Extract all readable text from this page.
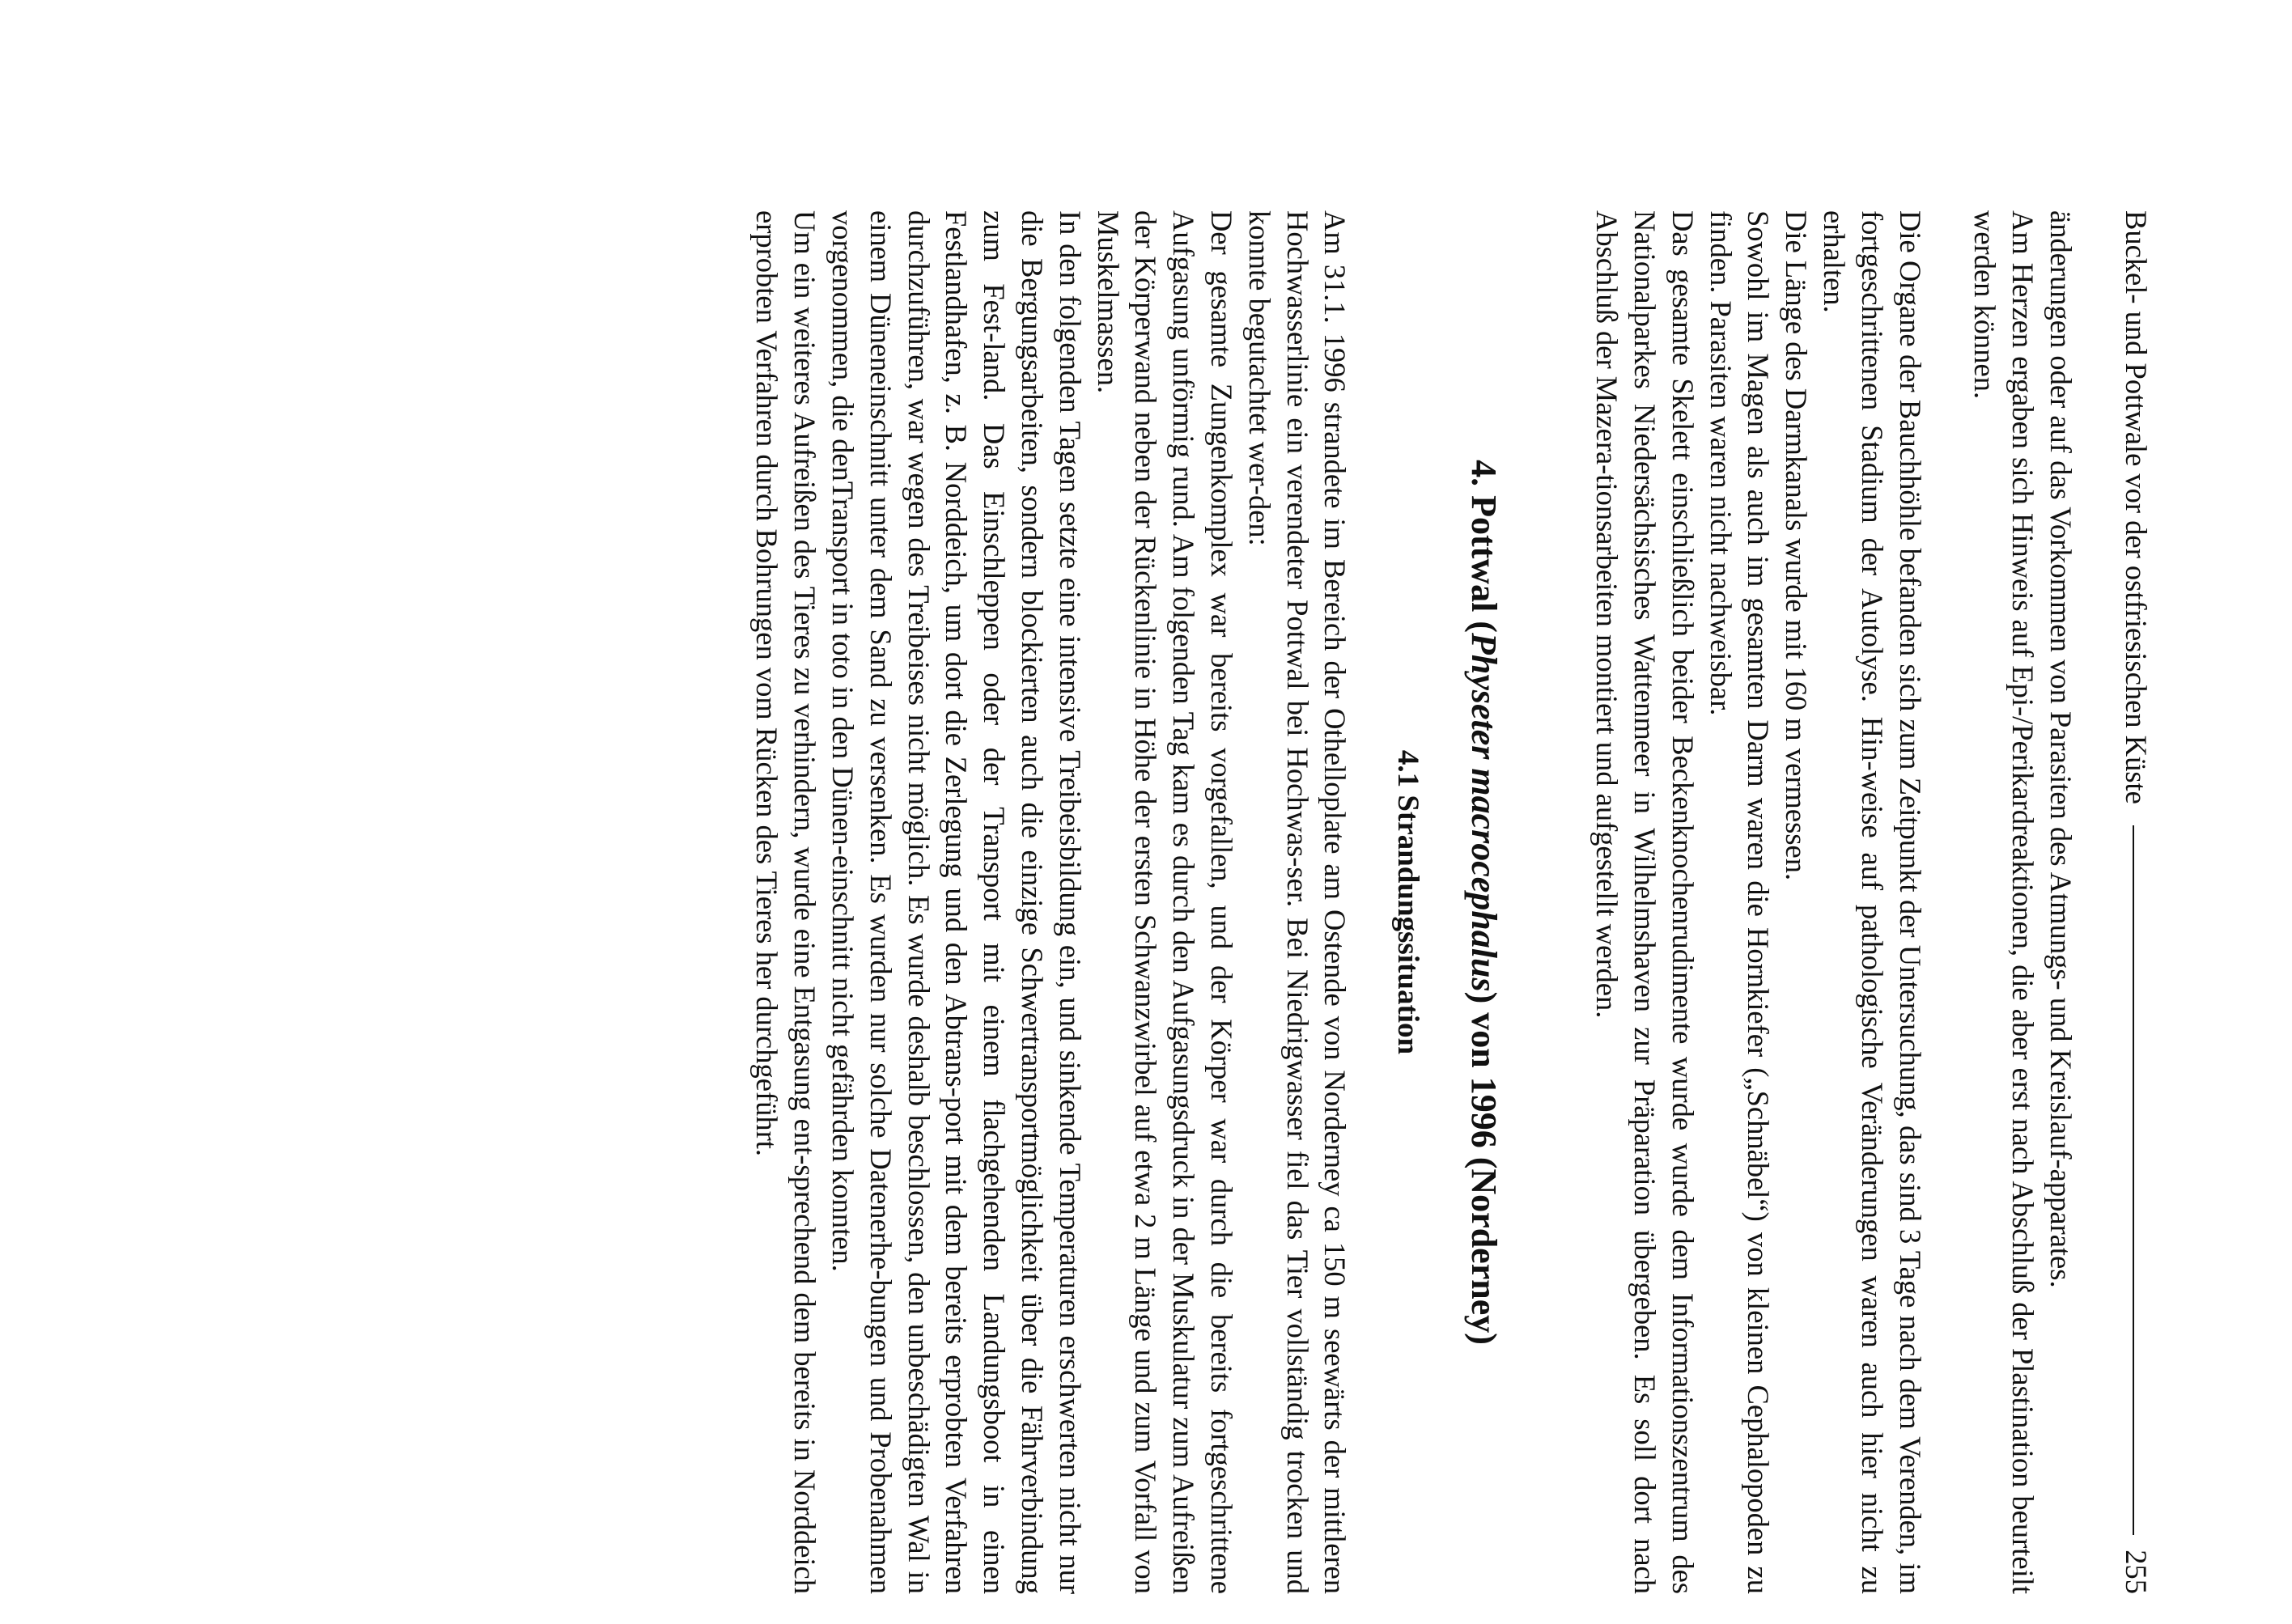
Buckel- und Pottwale vor der ostfriesischen Küste
255

änderungen oder auf das Vorkommen von Parasiten des Atmungs- und Kreislauf-apparates.

Am Herzen ergaben sich Hinweis auf Epi-/Perikardreaktionen, die aber erst nach Abschluß der Plastination beurteilt werden können.

Die Organe der Bauchhöhle befanden sich zum Zeitpunkt der Untersuchung, das sind 3 Tage nach dem Verenden, im fortgeschrittenen Stadium der Autolyse. Hin-weise auf pathologische Veränderungen waren auch hier nicht zu erhalten.

Die Länge des Darmkanals wurde mit 160 m vermessen.

Sowohl im Magen als auch im gesamten Darm waren die Hornkiefer („Schnäbel“) von kleinen Cephalopoden zu finden. Parasiten waren nicht nachweisbar.

Das gesamte Skelett einschließlich beider Beckenknochenrudimente wurde wurde dem Informationszentrum des Nationalparkes Niedersächsisches Wattenmeer in Wilhelmshaven zur Präparation übergeben. Es soll dort nach Abschluß der Mazera-tionsarbeiten montiert und aufgestellt werden.

4. Pottwal (Physeter macrocephalus) von 1996 (Norderney)
4.1 Strandungssituation

Am 31.1. 1996 strandete im Bereich der Othelloplate am Ostende von Norderney ca 150 m seewärts der mittleren Hochwasserlinie ein verendeter Pottwal bei Hochwas-ser. Bei Niedrigwasser fiel das Tier vollständig trocken und konnte begutachtet wer-den:

Der gesamte Zungenkomplex war bereits vorgefallen, und der Körper war durch die bereits fortgeschrittene Aufgasung unförmig rund. Am folgenden Tag kam es durch den Aufgasungsdruck in der Muskulatur zum Aufreißen der Körperwand neben der Rückenlinie in Höhe der ersten Schwanzwirbel auf etwa 2 m Länge und zum Vorfall von Muskelmassen.

In den folgenden Tagen setzte eine intensive Treibeisbildung ein, und sinkende Temperaturen erschwerten nicht nur die Bergungsarbeiten, sondern blockierten auch die einzige Schwertransportmöglichkeit über die Fährverbindung zum Fest-land. Das Einschleppen oder der Transport mit einem flachgehenden Landungsboot in einen Festlandhafen, z. B. Norddeich, um dort die Zerlegung und den Abtrans-port mit dem bereits erprobten Verfahren durchzuführen, war wegen des Treibeises nicht möglich. Es wurde deshalb beschlossen, den unbeschädigten Wal in einem Düneneinschnitt unter dem Sand zu versenken. Es wurden nur solche Datenerhe-bungen und Probenahmen vorgenommen, die denTransport in toto in den Dünen-einschnitt nicht gefährden konnten.

Um ein weiteres Aufreißen des Tieres zu verhindern, wurde eine Entgasung ent-sprechend dem bereits in Norddeich erprobten Verfahren durch Bohrungen vom Rücken des Tieres her durchgeführt.
